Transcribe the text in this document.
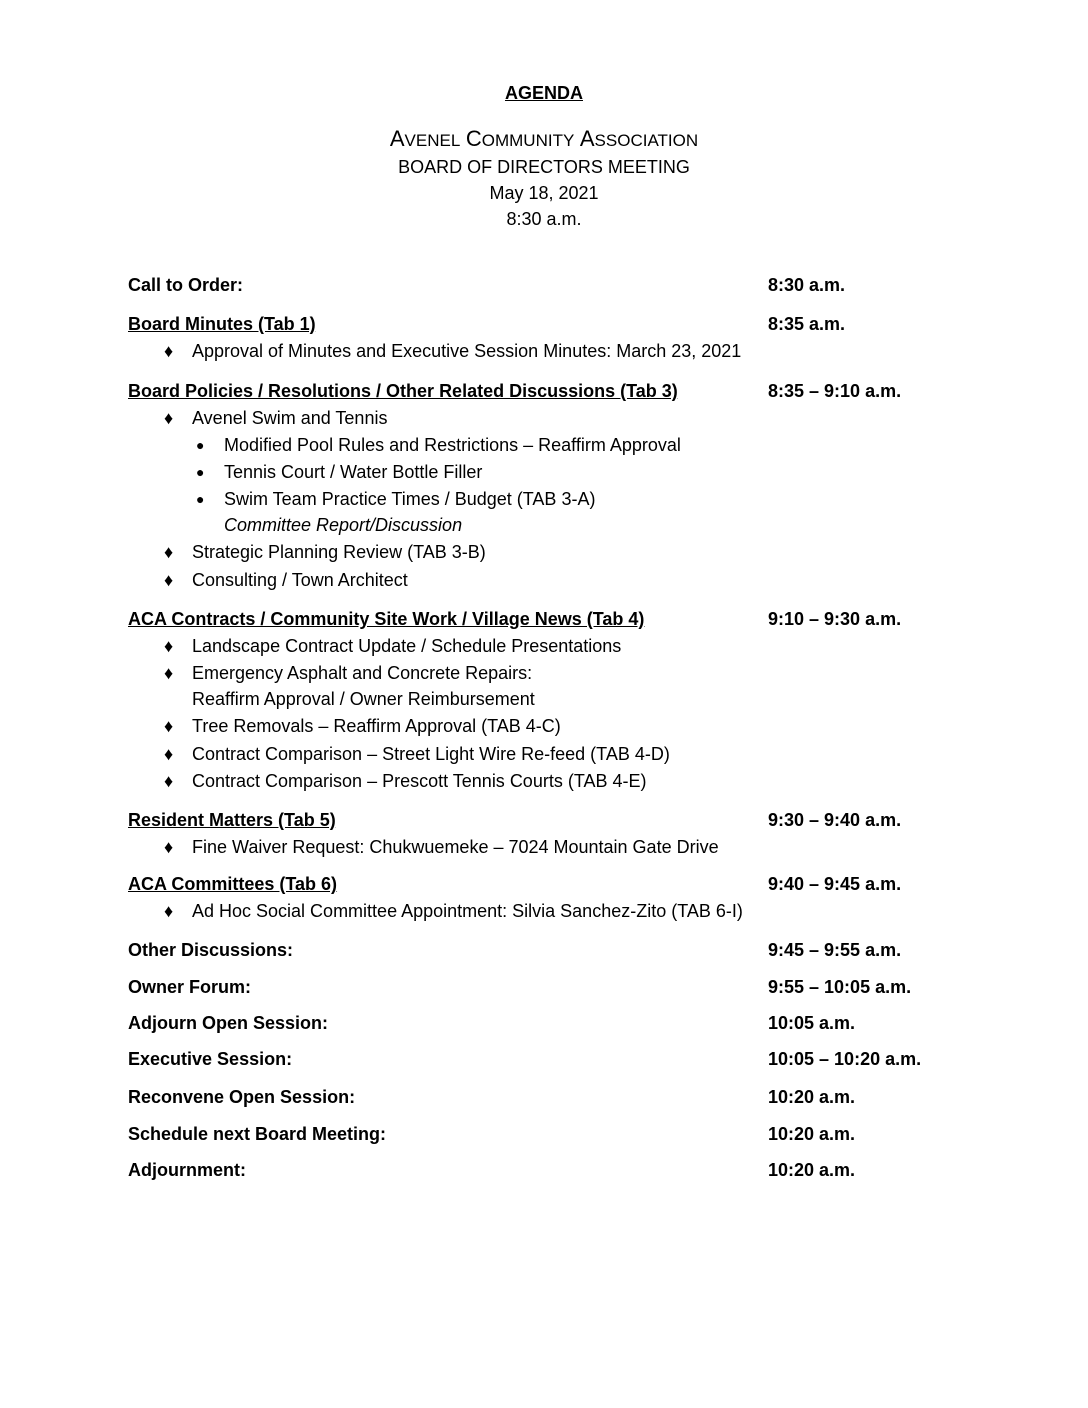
AGENDA
AVENEL COMMUNITY ASSOCIATION
BOARD OF DIRECTORS MEETING
May 18, 2021
8:30 a.m.
Call to Order:	8:30 a.m.
Board Minutes (Tab 1)	8:35 a.m.
♦ Approval of Minutes and Executive Session Minutes: March 23, 2021
Board Policies / Resolutions / Other Related Discussions (Tab 3)	8:35 – 9:10 a.m.
♦ Avenel Swim and Tennis
● Modified Pool Rules and Restrictions – Reaffirm Approval
● Tennis Court / Water Bottle Filler
● Swim Team Practice Times / Budget (TAB 3-A)
Committee Report/Discussion
♦ Strategic Planning Review (TAB 3-B)
♦ Consulting / Town Architect
ACA Contracts / Community Site Work / Village News (Tab 4)	9:10 – 9:30 a.m.
♦ Landscape Contract Update / Schedule Presentations
♦ Emergency Asphalt and Concrete Repairs:
Reaffirm Approval / Owner Reimbursement
♦ Tree Removals – Reaffirm Approval (TAB 4-C)
♦ Contract Comparison – Street Light Wire Re-feed (TAB 4-D)
♦ Contract Comparison – Prescott Tennis Courts (TAB 4-E)
Resident Matters (Tab 5)	9:30 – 9:40 a.m.
♦ Fine Waiver Request: Chukwuemeke – 7024 Mountain Gate Drive
ACA Committees (Tab 6)	9:40 – 9:45 a.m.
♦ Ad Hoc Social Committee Appointment: Silvia Sanchez-Zito (TAB 6-I)
Other Discussions:	9:45 – 9:55 a.m.
Owner Forum:	9:55 – 10:05 a.m.
Adjourn Open Session:	10:05 a.m.
Executive Session:	10:05 – 10:20 a.m.
Reconvene Open Session:	10:20 a.m.
Schedule next Board Meeting:	10:20 a.m.
Adjournment:	10:20 a.m.
